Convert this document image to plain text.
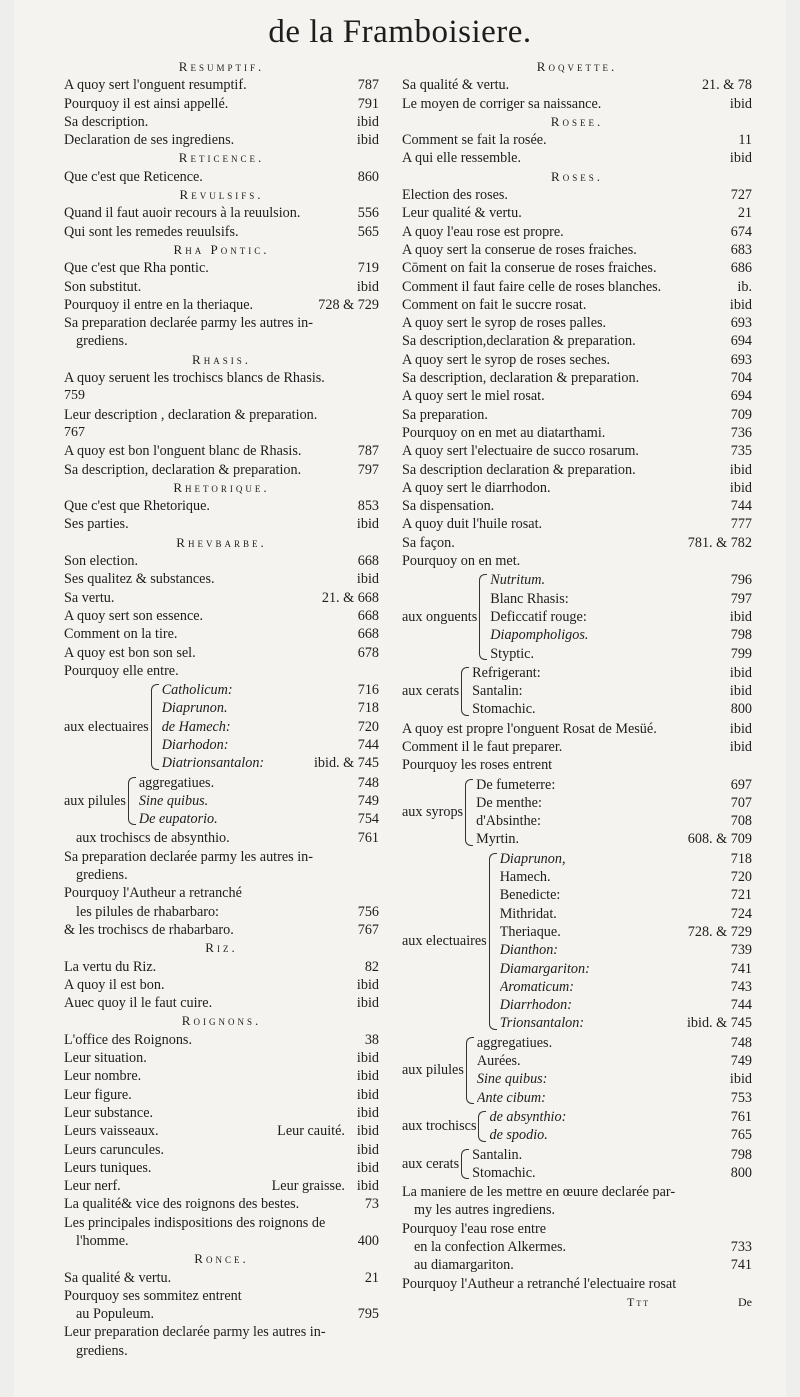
de la Framboisiere.
Resumptif.
A quoy sert l'onguent resumptif.	787
Pourquoy il est ainsi appellé.	791
Sa description.	ibid
Declaration de ses ingrediens.	ibid
Reticence.
Que c'est que Reticence.	860
Revulsifs.
Quand il faut auoir recours à la reuulsion.	556
Qui sont les remedes reuulsifs.	565
Rha Pontic.
Que c'est que Rha pontic.	719
Son substitut.	ibid
Pourquoy il entre en la theriaque.	728 & 729
Sa preparation declarée parmy les autres in-
grediens.
Rhasis.
A quoy seruent les trochiscs blancs de Rhasis.
759
Leur description , declaration & preparation.
767
A quoy est bon l'onguent blanc de Rhasis.	787
Sa description, declaration & preparation.	797
Rhetorique.
Que c'est que Rhetorique.	853
Ses parties.	ibid
Rhevbarbe.
Son election.	668
Ses qualitez & substances.	ibid
Sa vertu.	21. & 668
A quoy sert son essence.	668
Comment on la tire.	668
A quoy est bon son sel.	678
Pourquoy elle entre.
aux electuaires
Catholicum:	716
Diaprunon.	718
de Hamech:	720
Diarhodon:	744
Diatrionsantalon:	ibid. & 745
aux pilules
aggregatiues.	748
Sine quibus.	749
De eupatorio.	754
aux trochiscs de absynthio.	761
Sa preparation declarée parmy les autres in-
grediens.
Pourquoy l'Autheur a retranché
les pilules de rhabarbaro:	756
& les trochiscs de rhabarbaro.	767
Riz.
La vertu du Riz.	82
A quoy il est bon.	ibid
Auec quoy il le faut cuire.	ibid
Roignons.
L'office des Roignons.	38
Leur situation.	ibid
Leur nombre.	ibid
Leur figure.	ibid
Leur substance.	ibid
Leurs vaisseaux.	Leur cauité. ibid
Leurs caruncules.	ibid
Leurs tuniques.	ibid
Leur nerf.	Leur graisse. ibid
La qualité& vice des roignons des bestes.	73
Les principales indispositions des roignons de
l'homme.	400
Ronce.
Sa qualité & vertu.	21
Pourquoy ses sommitez entrent
au Populeum.	795
Leur preparation declarée parmy les autres in-
grediens.
Roqvette.
Sa qualité & vertu.	21. & 78
Le moyen de corriger sa naissance.	ibid
Rosee.
Comment se fait la rosée.	11
A qui elle ressemble.	ibid
Roses.
Election des roses.	727
Leur qualité & vertu.	21
A quoy l'eau rose est propre.	674
A quoy sert la conserue de roses fraiches.	683
Cōment on fait la conserue de roses fraiches.	686
Comment il faut faire celle de roses blanches.	ib.
Comment on fait le succre rosat.	ibid
A quoy sert le syrop de roses palles.	693
Sa description,declaration & preparation.	694
A quoy sert le syrop de roses seches.	693
Sa description, declaration & preparation.	704
A quoy sert le miel rosat.	694
Sa preparation.	709
Pourquoy on en met au diatarthami.	736
A quoy sert l'electuaire de succo rosarum.	735
Sa description declaration & preparation.	ibid
A quoy sert le diarrhodon.	ibid
Sa dispensation.	744
A quoy duit l'huile rosat.	777
Sa façon.	781. & 782
Pourquoy on en met.
aux onguents
Nutritum.	796
Blanc Rhasis:	797
Deficcatif rouge:	ibid
Diapompholigos.	798
Styptic.	799
aux cerats
Refrigerant:	ibid
Santalin:	ibid
Stomachic.	800
A quoy est propre l'onguent Rosat de Mesüé.	ibid
Comment il le faut preparer.	ibid
Pourquoy les roses entrent
aux syrops
De fumeterre:	697
De menthe:	707
d'Absinthe:	708
Myrtin.	608. & 709
aux electuaires
Diaprunon,	718
Hamech.	720
Benedicte:	721
Mithridat.	724
Theriaque.	728. & 729
Dianthon:	739
Diamargariton:	741
Aromaticum:	743
Diarrhodon:	744
Trionsantalon:	ibid. & 745
aux pilules
aggregatiues.	748
Aurées.	749
Sine quibus:	ibid
Ante cibum:	753
aux trochiscs
de absynthio:	761
de spodio.	765
aux cerats
Santalin.	798
Stomachic.	800
La maniere de les mettre en œuure declarée par-
my les autres ingrediens.
Pourquoy l'eau rose entre
en la confection Alkermes.	733
au diamargariton.	741
Pourquoy l'Autheur a retranché l'electuaire rosat
Ttt	De
